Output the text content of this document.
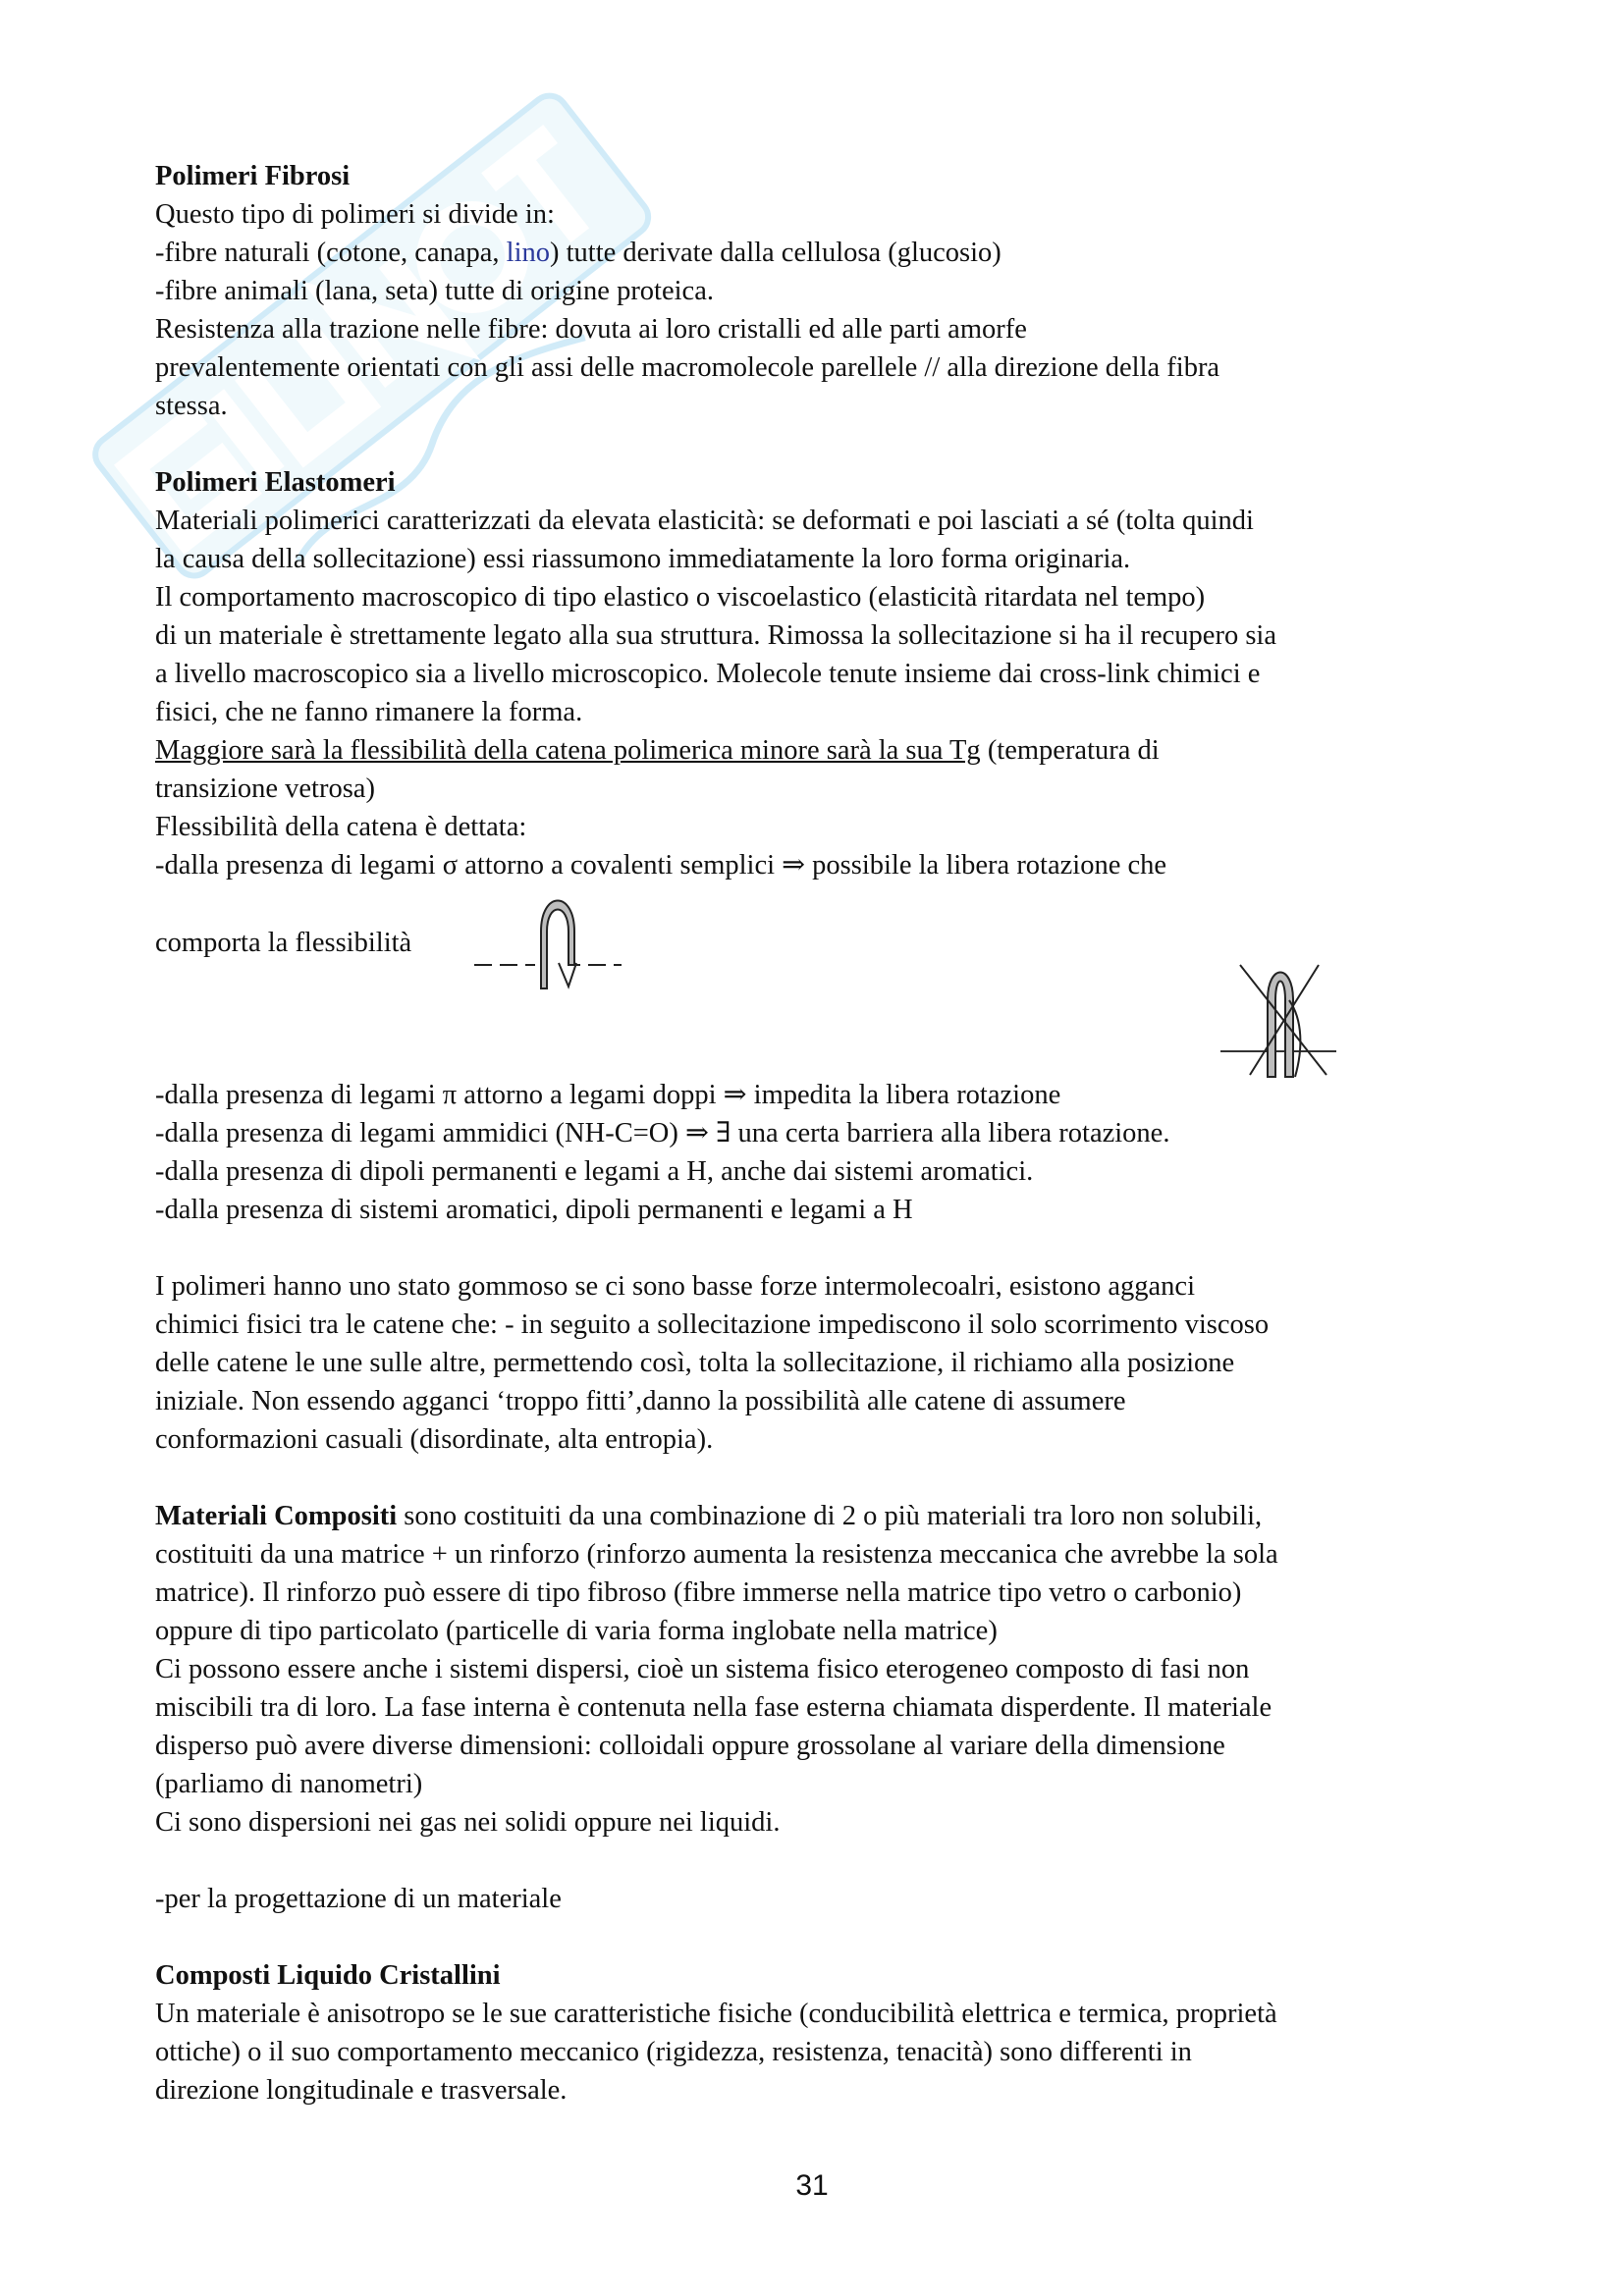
Polimeri Fibrosi
Questo tipo di polimeri si divide in:
-fibre naturali (cotone, canapa, lino) tutte derivate dalla cellulosa (glucosio)
-fibre animali (lana, seta) tutte di origine proteica.
Resistenza alla trazione nelle fibre: dovuta ai loro cristalli ed alle parti amorfe
prevalentemente orientati con gli assi delle macromolecole parellele // alla direzione della fibra
stessa.
Polimeri Elastomeri
Materiali polimerici caratterizzati da elevata elasticità: se deformati e poi lasciati a sé (tolta quindi
la causa della sollecitazione) essi riassumono immediatamente la loro forma originaria.
Il comportamento macroscopico di tipo elastico o viscoelastico (elasticità ritardata nel tempo)
di un materiale è strettamente legato alla sua struttura. Rimossa la sollecitazione si ha il recupero sia
a livello macroscopico sia a livello microscopico. Molecole tenute insieme dai cross-link chimici e
fisici, che ne fanno rimanere la forma.
Maggiore sarà la flessibilità della catena polimerica minore sarà la sua Tg (temperatura di
transizione vetrosa)
Flessibilità della catena è dettata:
-dalla presenza di legami σ attorno a covalenti semplici ⇒ possibile la libera rotazione che
comporta la flessibilità
-dalla presenza di legami π attorno a legami doppi ⇒ impedita la libera rotazione
-dalla presenza di legami ammidici (NH-C=O) ⇒ ∃ una certa barriera alla libera rotazione.
-dalla presenza di dipoli permanenti e legami a H, anche dai sistemi aromatici.
-dalla presenza di sistemi aromatici, dipoli permanenti e legami a H
I polimeri hanno uno stato gommoso se ci sono basse forze intermolecoalri, esistono agganci
chimici fisici tra le catene che: - in seguito a sollecitazione impediscono il solo scorrimento viscoso
delle catene le une sulle altre, permettendo così, tolta la sollecitazione, il richiamo alla posizione
iniziale. Non essendo agganci ‘troppo fitti’,danno la possibilità alle catene di assumere
conformazioni casuali (disordinate, alta entropia).
Materiali Compositi sono costituiti da una combinazione di 2 o più materiali tra loro non solubili,
costituiti da una matrice + un rinforzo (rinforzo aumenta la resistenza meccanica che avrebbe la sola
matrice). Il rinforzo può essere di tipo fibroso (fibre immerse nella matrice tipo vetro o carbonio)
oppure di tipo particolato (particelle di varia forma inglobate nella matrice)
Ci possono essere anche i sistemi dispersi, cioè un sistema fisico eterogeneo composto di fasi non
miscibili tra di loro. La fase interna è contenuta nella fase esterna chiamata disperdente. Il materiale
disperso può avere diverse dimensioni: colloidali oppure grossolane al variare della dimensione
(parliamo di nanometri)
Ci sono dispersioni nei gas nei solidi oppure nei liquidi.
-per la progettazione di un materiale
Composti Liquido Cristallini
Un materiale è anisotropo se le sue caratteristiche fisiche (conducibilità elettrica e termica, proprietà
ottiche) o il suo comportamento meccanico (rigidezza, resistenza, tenacità) sono differenti in
direzione longitudinale e trasversale.
31
